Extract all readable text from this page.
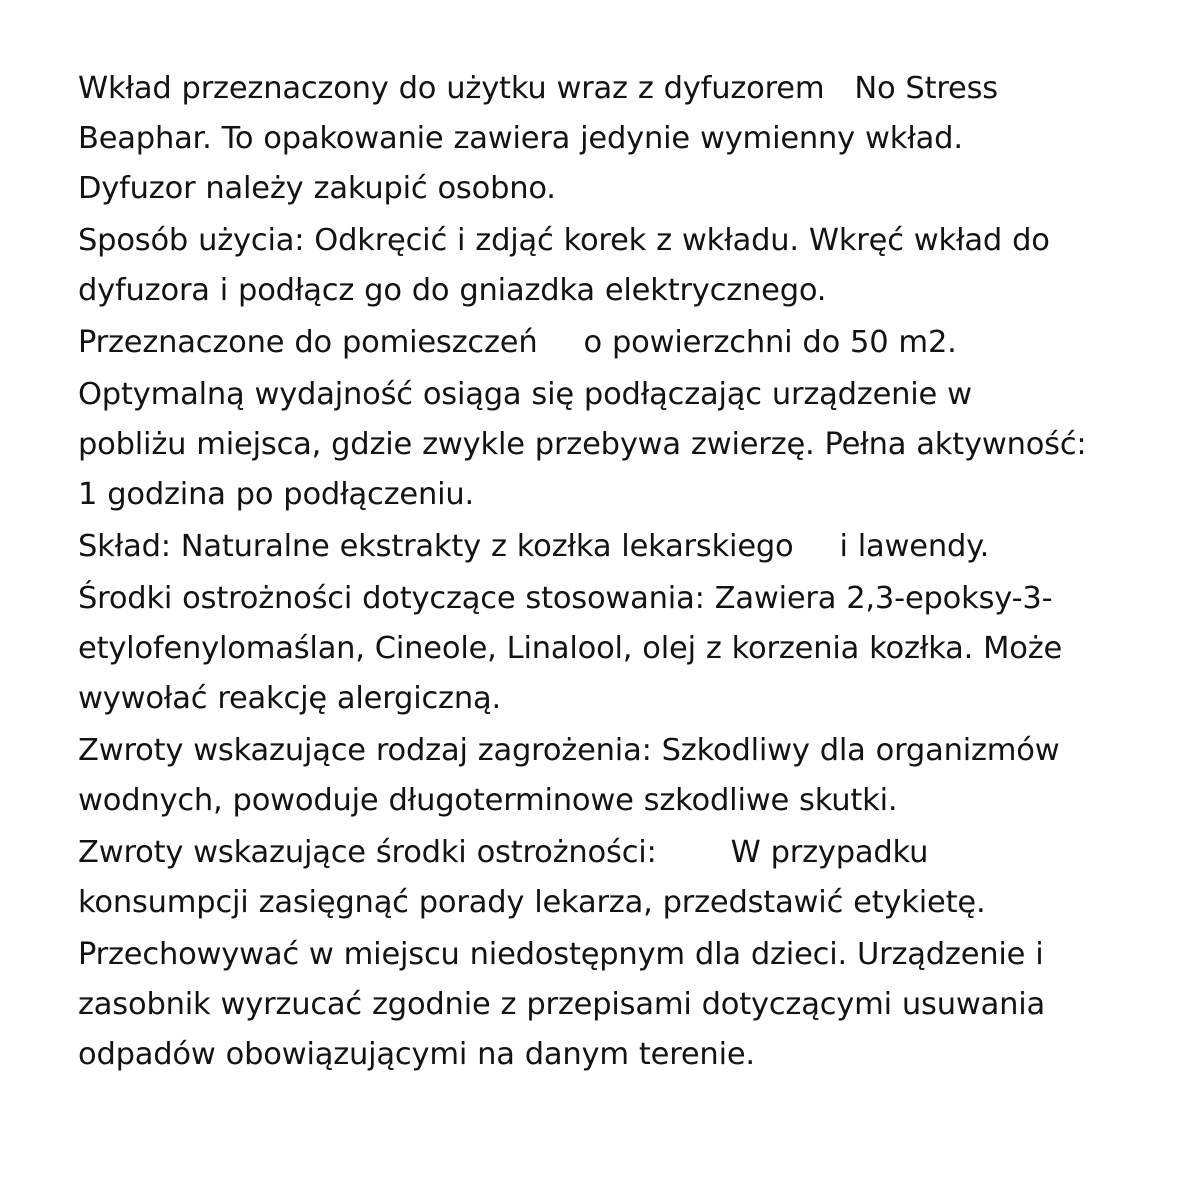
Wkład przeznaczony do użytku wraz z dyfuzorem No Stress Beaphar. To opakowanie zawiera jedynie wymienny wkład. Dyfuzor należy zakupić osobno.

Sposób użycia: Odkręcić i zdjąć korek z wkładu. Wkręć wkład do dyfuzora i podłącz go do gniazdka elektrycznego.

Przeznaczone do pomieszczeń o powierzchni do 50 m2.

Optymalną wydajność osiąga się podłączając urządzenie w pobliżu miejsca, gdzie zwykle przebywa zwierzę. Pełna aktywność: 1 godzina po podłączeniu.

Skład: Naturalne ekstrakty z kozłka lekarskiego i lawendy.

Środki ostrożności dotyczące stosowania: Zawiera 2,3-epoksy-3-etylofenylomaślan, Cineole, Linalool, olej z korzenia kozłka. Może wywołać reakcję alergiczną.

Zwroty wskazujące rodzaj zagrożenia: Szkodliwy dla organizmów wodnych, powoduje długoterminowe szkodliwe skutki.

Zwroty wskazujące środki ostrożności: W przypadku konsumpcji zasięgnąć porady lekarza, przedstawić etykietę.

Przechowywać w miejscu niedostępnym dla dzieci. Urządzenie i zasobnik wyrzucać zgodnie z przepisami dotyczącymi usuwania odpadów obowiązującymi na danym terenie.
